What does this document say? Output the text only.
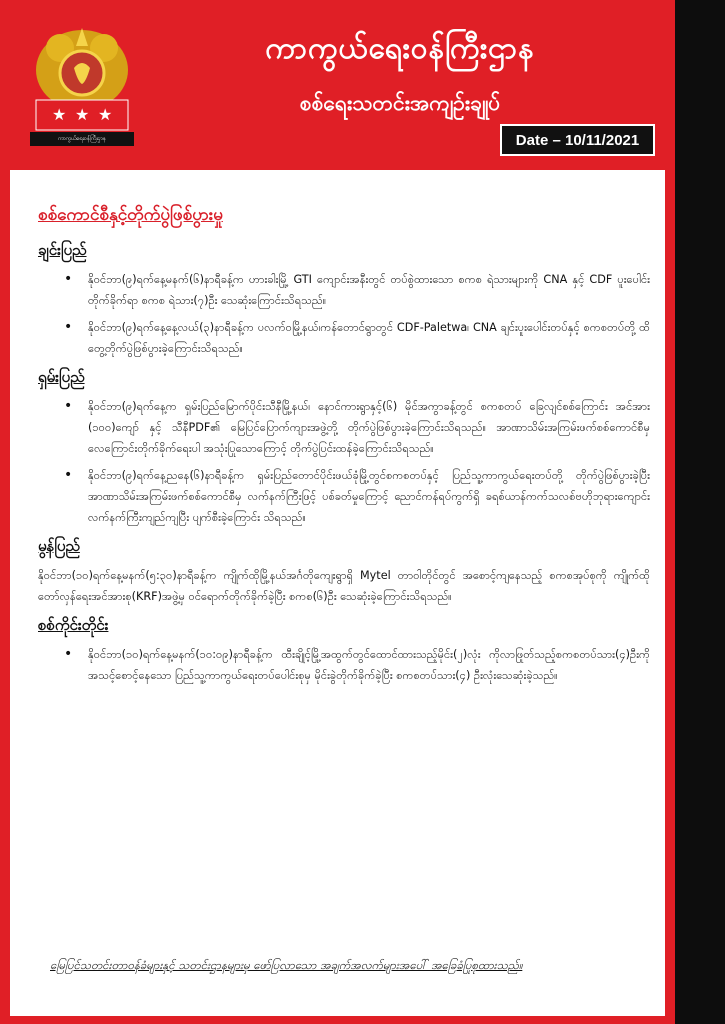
★ ★ ★
ကာကွယ်ရေးဝန်ကြီးဌာန
ကာကွယ်ရေးဝန်ကြီးဌာန
စစ်ရေးသတင်းအကျဉ်းချုပ်
Date – 10/11/2021
စစ်ကောင်စီနှင့်တိုက်ပွဲဖြစ်ပွားမှု
ချင်းပြည်
• နိုဝင်ဘာ(၉)ရက်နေ့မနက်(၆)နာရီခန့်က ဟားခါးမြို့ GTI ကျောင်းအနီးတွင် တပ်စွဲထားသော စကစ ရဲသားများကို CNA နှင့် CDF ပူးပေါင်းတိုက်ခိုက်ရာ စကစ ရဲသား(၇)ဦး သေဆုံးကြောင်းသိရသည်။
• နိုဝင်ဘာ(၉)ရက်နေ့နေ့လယ်(၃)နာရီခန့်က ပလက်ဝမြို့နယ်၊ကန်တောင်ရွာတွင် CDF-Paletwa၊ CNA ချင်းပူးပေါင်းတပ်နှင့် စကစတပ်တို့ ထိတွေ့တိုက်ပွဲဖြစ်ပွားခဲ့ကြောင်းသိရသည်။
ရှမ်းပြည်
• နိုဝင်ဘာ(၉)ရက်နေ့က ရှမ်းပြည်မြောက်ပိုင်းသီနီမြို့နယ်၊ နောင်ကားရွာနှင့်(၆) မိုင်အကွာခန့်တွင် စကစတပ် ခြေလျင်စစ်ကြောင်း အင်အား (၁၀၀)ကျော် နှင့် သီနီPDF၏ မြေပြင်ပြောက်ကျားအဖွဲ့တို့ တိုက်ပွဲဖြစ်ပွားခဲ့ကြောင်းသိရသည်။ အာဏာသိမ်းအကြမ်းဖက်စစ်ကောင်စီမှ လေကြောင်းတိုက်ခိုက်ရေးပါ အသုံးပြုသောကြောင့် တိုက်ပွဲပြင်းထန်ခဲ့ကြောင်းသိရသည်။
• နိုဝင်ဘာ(၉)ရက်နေ့ညနေ(၆)နာရီခန့်က ရှမ်းပြည်တောင်ပိုင်းဖယ်ခုံမြို့တွင်စကစတပ်နှင့် ပြည်သူ့ကာကွယ်ရေးတပ်တို့ တိုက်ပွဲဖြစ်ပွားခဲ့ပြီး အာဏာသိမ်းအကြမ်းဖက်စစ်ကောင်စီမှ လက်နက်ကြီးဖြင့် ပစ်ခတ်မှုကြောင့် ညောင်ကန်ရပ်ကွက်ရှိ ခရစ်ယာန်ကက်သလစ်ဗဟိုဘုရားကျောင်း လက်နက်ကြီးကျည်ကျပြီး ပျက်စီးခဲ့ကြောင်း သိရသည်။
မွန်ပြည်
နိုဝင်ဘာ(၁၀)ရက်နေ့မနက်(၅:၃၀)နာရီခန့်က ကျိုက်ထိုမြို့နယ်အင်္ဂတိုကျေးရွာရှိ Mytel တာဝါတိုင်တွင် အစောင့်ကျနေသည့် စကစအုပ်စုကို ကျိုက်ထိုတော်လှန်ရေးအင်အားစု(KRF)အဖွဲ့မှ ဝင်ရောက်တိုက်ခိုက်ခဲ့ပြီး စကစ(၆)ဦး သေဆုံးခဲ့ကြောင်းသိရသည်။
စစ်ကိုင်းတိုင်း
• နိုဝင်ဘာ(၁၀)ရက်နေ့မနက်(၁၀:၀၉)နာရီခန့်က ထီးချိုင့်မြို့အထွက်တွင်ထောင်ထားသည့်မိုင်း(၂)လုံး ကိုလာဖြုတ်သည့်စကစတပ်သား(၄)ဦးကို အသင့်စောင့်နေသော ပြည်သူ့ကာကွယ်ရေးတပ်ပေါင်းစုမှ မိုင်းခွဲတိုက်ခိုက်ခဲ့ပြီး စကစတပ်သား(၄) ဦးလုံးသေဆုံးခဲ့သည်။
မြေပြင်သတင်းတာဝန်ခံများနှင့် သတင်းဌာနများမှ ဖော်ပြလာသော အချက်အလက်များအပေါ် အခြေခံပြုစုထားသည်။
